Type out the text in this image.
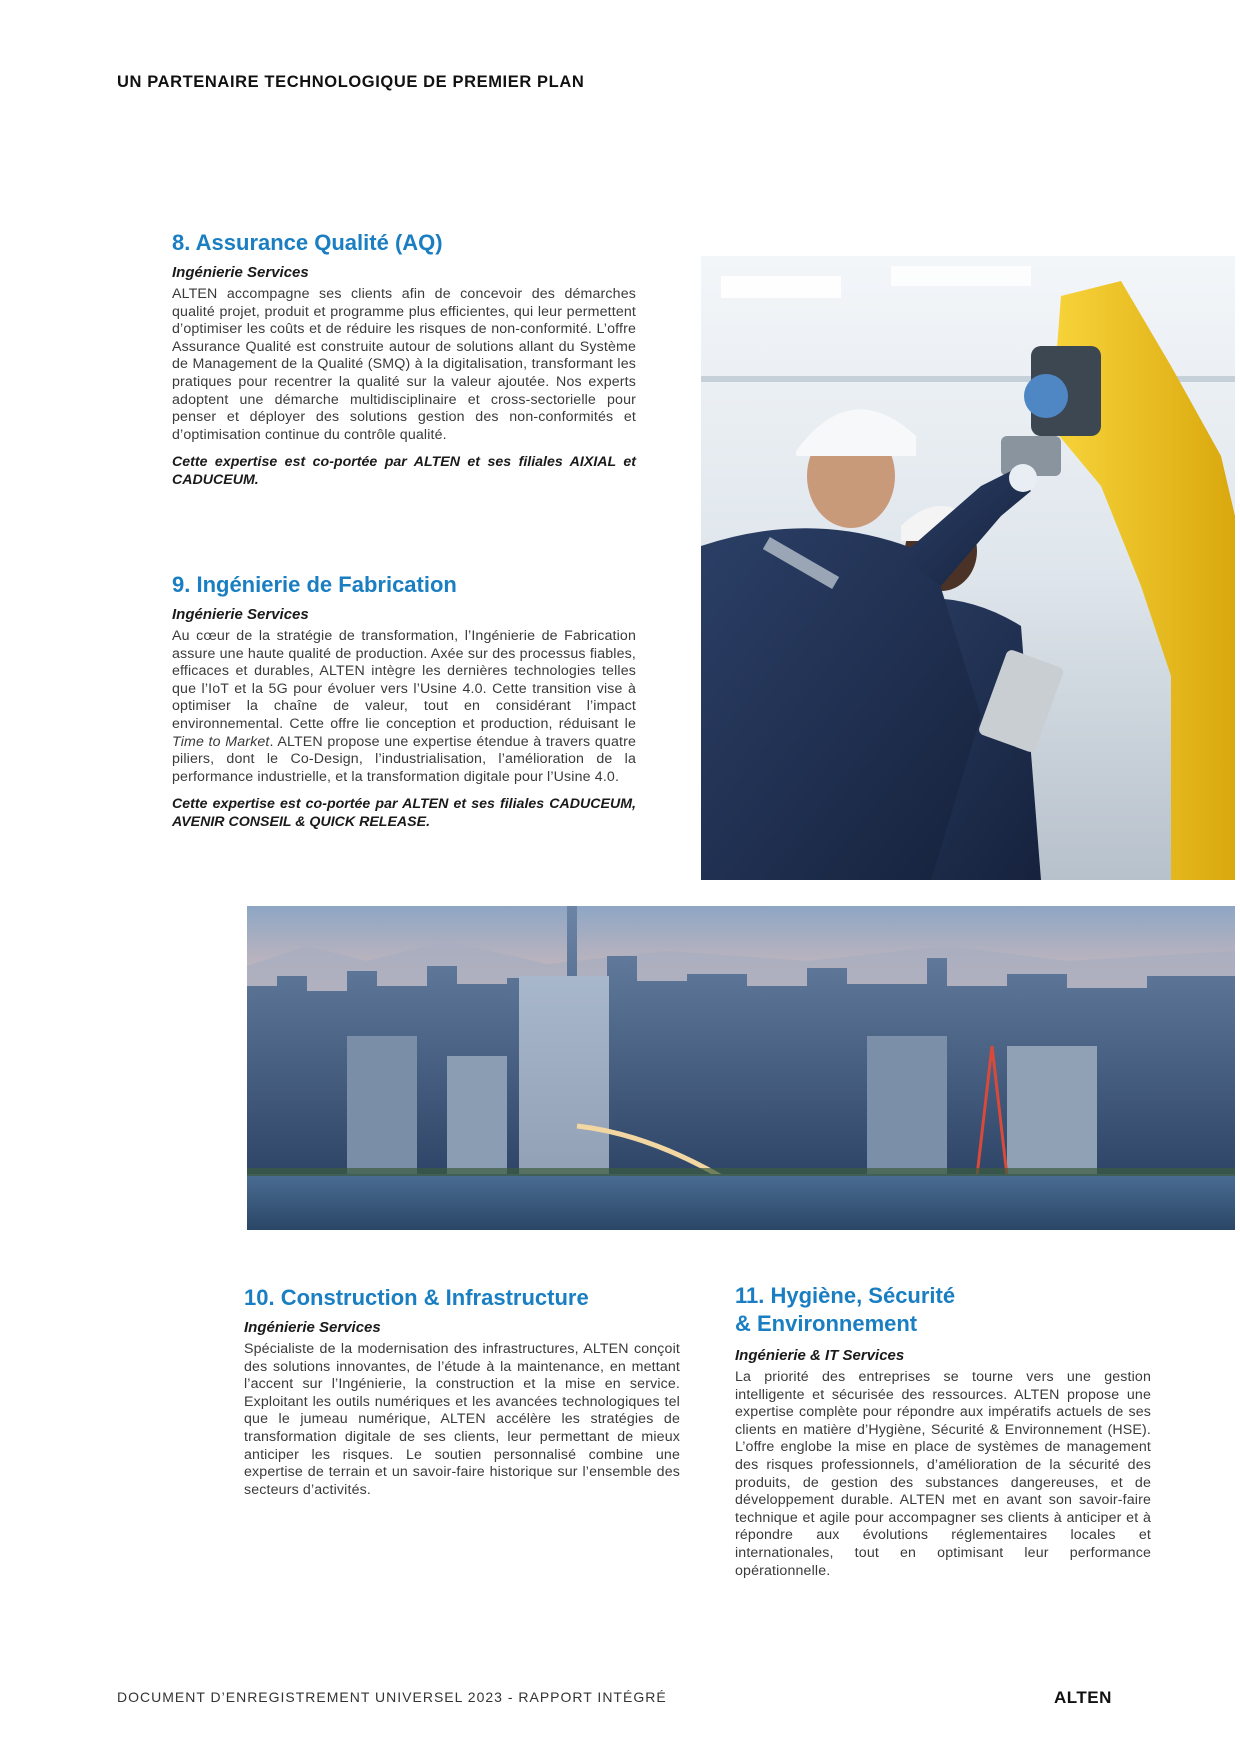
UN PARTENAIRE TECHNOLOGIQUE DE PREMIER PLAN
8. Assurance Qualité (AQ)
Ingénierie Services

ALTEN accompagne ses clients afin de concevoir des démarches qualité projet, produit et programme plus efficientes, qui leur permettent d’optimiser les coûts et de réduire les risques de non-conformité. L’offre Assurance Qualité est construite autour de solutions allant du Système de Management de la Qualité (SMQ) à la digitalisation, transformant les pratiques pour recentrer la qualité sur la valeur ajoutée. Nos experts adoptent une démarche multidisciplinaire et cross-sectorielle pour penser et déployer des solutions gestion des non-conformités et d’optimisation continue du contrôle qualité.

Cette expertise est co-portée par ALTEN et ses filiales AIXIAL et CADUCEUM.

9. Ingénierie de Fabrication
Ingénierie Services

Au cœur de la stratégie de transformation, l’Ingénierie de Fabrication assure une haute qualité de production. Axée sur des processus fiables, efficaces et durables, ALTEN intègre les dernières technologies telles que l’IoT et la 5G pour évoluer vers l’Usine 4.0. Cette transition vise à optimiser la chaîne de valeur, tout en considérant l’impact environnemental. Cette offre lie conception et production, réduisant le Time to Market. ALTEN propose une expertise étendue à travers quatre piliers, dont le Co-Design, l’industrialisation, l’amélioration de la performance industrielle, et la transformation digitale pour l’Usine 4.0.

Cette expertise est co-portée par ALTEN et ses filiales CADUCEUM, AVENIR CONSEIL & QUICK RELEASE.

10. Construction & Infrastructure
Ingénierie Services

Spécialiste de la modernisation des infrastructures, ALTEN conçoit des solutions innovantes, de l’étude à la maintenance, en mettant l’accent sur l’Ingénierie, la construction et la mise en service. Exploitant les outils numériques et les avancées technologiques tel que le jumeau numérique, ALTEN accélère les stratégies de transformation digitale de ses clients, leur permettant de mieux anticiper les risques. Le soutien personnalisé combine une expertise de terrain et un savoir-faire historique sur l’ensemble des secteurs d’activités.

11. Hygiène, Sécurité
& Environnement
Ingénierie & IT Services

La priorité des entreprises se tourne vers une gestion intelligente et sécurisée des ressources. ALTEN propose une expertise complète pour répondre aux impératifs actuels de ses clients en matière d’Hygiène, Sécurité & Environnement (HSE). L’offre englobe la mise en place de systèmes de management des risques professionnels, d’amélioration de la sécurité des produits, de gestion des substances dangereuses, et de développement durable. ALTEN met en avant son savoir-faire technique et agile pour accompagner ses clients à anticiper et à répondre aux évolutions réglementaires locales et internationales, tout en optimisant leur performance opérationnelle.

DOCUMENT D’ENREGISTREMENT UNIVERSEL 2023 - RAPPORT INTÉGRÉ	ALTEN
